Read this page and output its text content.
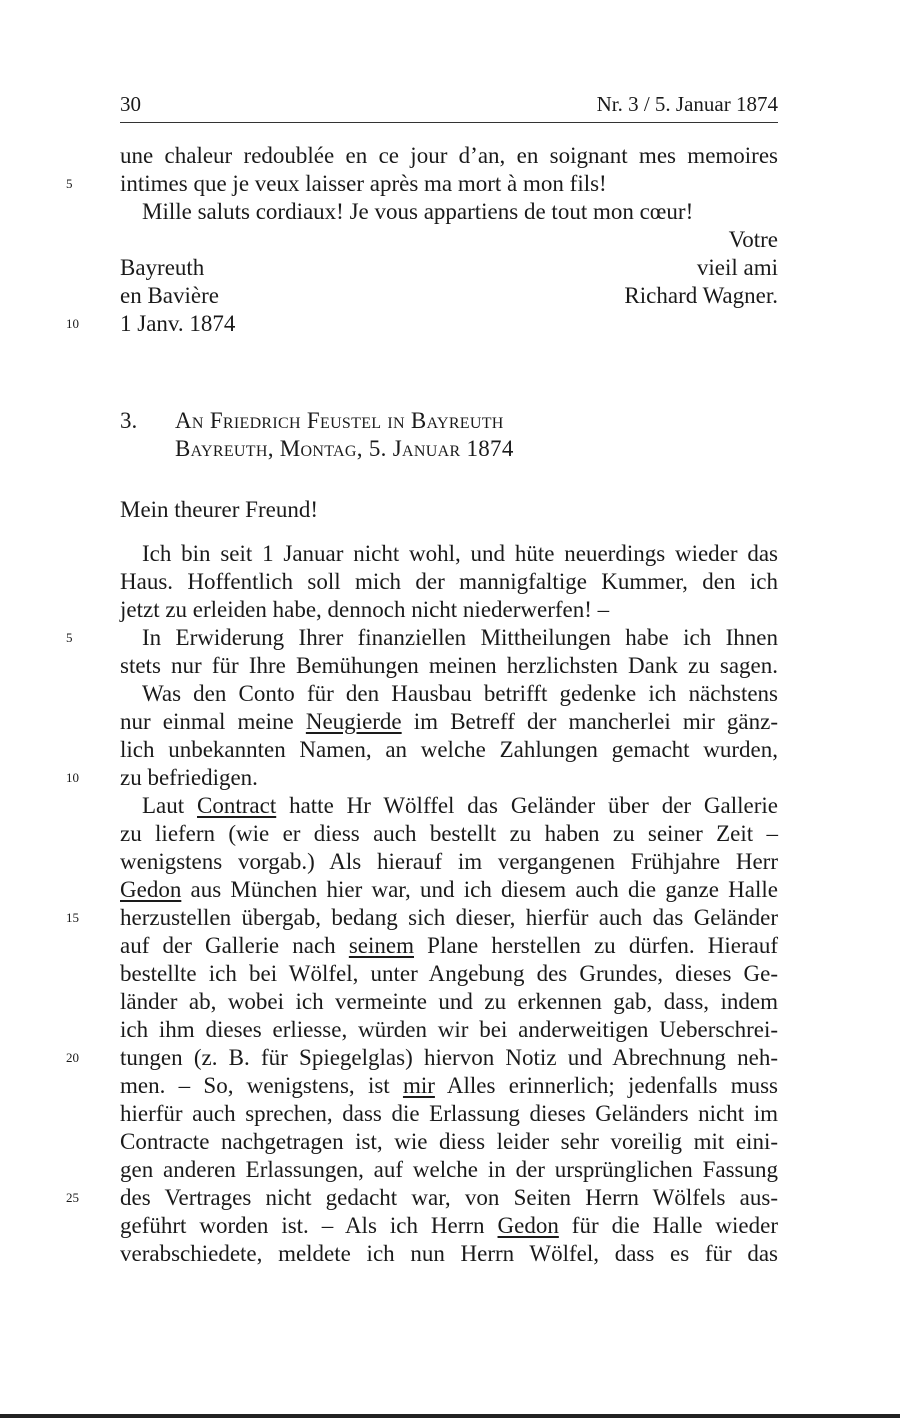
30	Nr. 3 / 5. Januar 1874
une chaleur redoublée en ce jour d’an, en soignant mes memoires
5	intimes que je veux laisser après ma mort à mon fils!
Mille saluts cordiaux! Je vous appartiens de tout mon cœur!
Votre
Bayreuth	vieil ami
en Bavière	Richard Wagner.
10	1 Janv. 1874
3. An Friedrich Feustel in Bayreuth
Bayreuth, Montag, 5. Januar 1874
Mein theurer Freund!
Ich bin seit 1 Januar nicht wohl, und hüte neuerdings wieder das
Haus. Hoffentlich soll mich der mannigfaltige Kummer, den ich
jetzt zu erleiden habe, dennoch nicht niederwerfen! –
5	In Erwiderung Ihrer finanziellen Mittheilungen habe ich Ihnen
stets nur für Ihre Bemühungen meinen herzlichsten Dank zu sagen.
Was den Conto für den Hausbau betrifft gedenke ich nächstens
nur einmal meine Neugierde im Betreff der mancherlei mir gänz-
lich unbekannten Namen, an welche Zahlungen gemacht wurden,
10	zu befriedigen.
Laut Contract hatte Hr Wölffel das Geländer über der Gallerie
zu liefern (wie er diess auch bestellt zu haben zu seiner Zeit –
wenigstens vorgab.) Als hierauf im vergangenen Frühjahre Herr
Gedon aus München hier war, und ich diesem auch die ganze Halle
15	herzustellen übergab, bedang sich dieser, hierfür auch das Geländer
auf der Gallerie nach seinem Plane herstellen zu dürfen. Hierauf
bestellte ich bei Wölfel, unter Angebung des Grundes, dieses Ge-
länder ab, wobei ich vermeinte und zu erkennen gab, dass, indem
ich ihm dieses erliesse, würden wir bei anderweitigen Ueberschrei-
20	tungen (z. B. für Spiegelglas) hiervon Notiz und Abrechnung neh-
men. – So, wenigstens, ist mir Alles erinnerlich; jedenfalls muss
hierfür auch sprechen, dass die Erlassung dieses Geländers nicht im
Contracte nachgetragen ist, wie diess leider sehr voreilig mit eini-
gen anderen Erlassungen, auf welche in der ursprünglichen Fassung
25	des Vertrages nicht gedacht war, von Seiten Herrn Wölfels aus-
geführt worden ist. – Als ich Herrn Gedon für die Halle wieder
verabschiedete, meldete ich nun Herrn Wölfel, dass es für das
